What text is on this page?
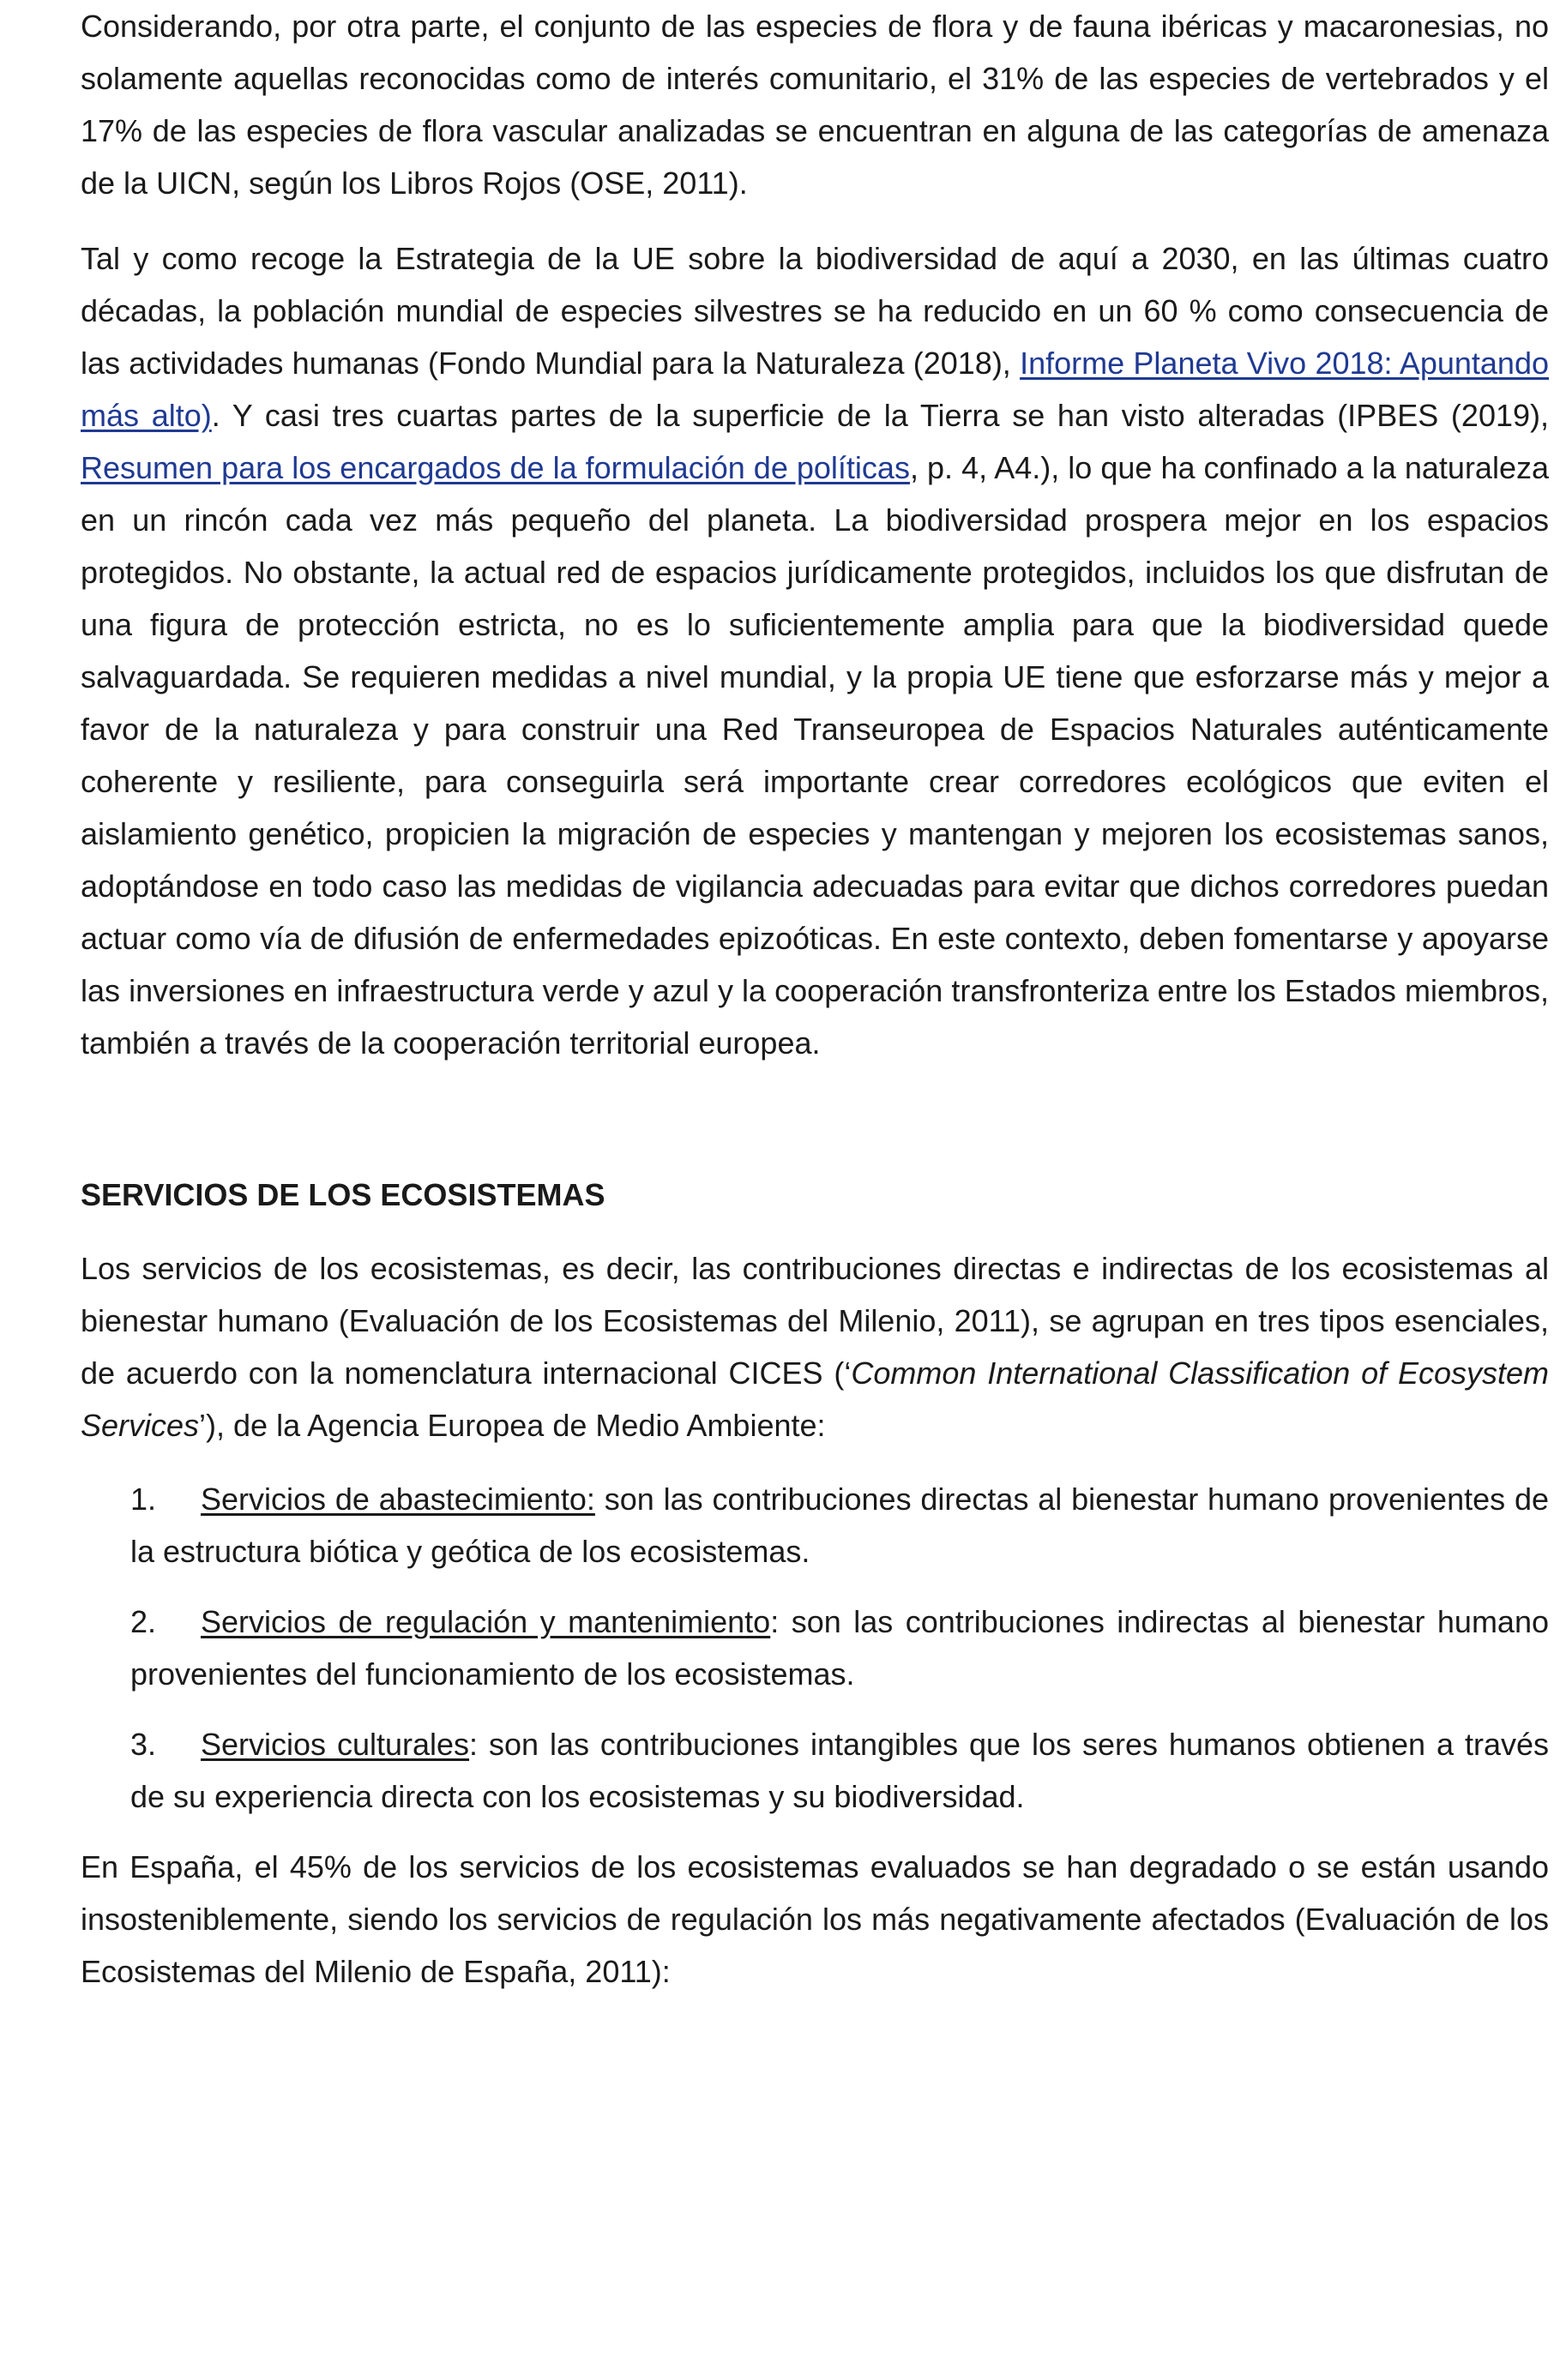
Considerando, por otra parte, el conjunto de las especies de flora y de fauna ibéricas y macaronesias, no solamente aquellas reconocidas como de interés comunitario, el 31% de las especies de vertebrados y el 17% de las especies de flora vascular analizadas se encuentran en alguna de las categorías de amenaza de la UICN, según los Libros Rojos (OSE, 2011).

Tal y como recoge la Estrategia de la UE sobre la biodiversidad de aquí a 2030, en las últimas cuatro décadas, la población mundial de especies silvestres se ha reducido en un 60 % como consecuencia de las actividades humanas (Fondo Mundial para la Naturaleza (2018), Informe Planeta Vivo 2018: Apuntando más alto). Y casi tres cuartas partes de la superficie de la Tierra se han visto alteradas (IPBES (2019), Resumen para los encargados de la formulación de políticas, p. 4, A4.), lo que ha confinado a la naturaleza en un rincón cada vez más pequeño del planeta. La biodiversidad prospera mejor en los espacios protegidos. No obstante, la actual red de espacios jurídicamente protegidos, incluidos los que disfrutan de una figura de protección estricta, no es lo suficientemente amplia para que la biodiversidad quede salvaguardada. Se requieren medidas a nivel mundial, y la propia UE tiene que esforzarse más y mejor a favor de la naturaleza y para construir una Red Transeuropea de Espacios Naturales auténticamente coherente y resiliente, para conseguirla será importante crear corredores ecológicos que eviten el aislamiento genético, propicien la migración de especies y mantengan y mejoren los ecosistemas sanos, adoptándose en todo caso las medidas de vigilancia adecuadas para evitar que dichos corredores puedan actuar como vía de difusión de enfermedades epizoóticas. En este contexto, deben fomentarse y apoyarse las inversiones en infraestructura verde y azul y la cooperación transfronteriza entre los Estados miembros, también a través de la cooperación territorial europea.

SERVICIOS DE LOS ECOSISTEMAS

Los servicios de los ecosistemas, es decir, las contribuciones directas e indirectas de los ecosistemas al bienestar humano (Evaluación de los Ecosistemas del Milenio, 2011), se agrupan en tres tipos esenciales, de acuerdo con la nomenclatura internacional CICES (‘Common International Classification of Ecosystem Services’), de la Agencia Europea de Medio Ambiente:

1. Servicios de abastecimiento: son las contribuciones directas al bienestar humano provenientes de la estructura biótica y geótica de los ecosistemas.
2. Servicios de regulación y mantenimiento: son las contribuciones indirectas al bienestar humano provenientes del funcionamiento de los ecosistemas.
3. Servicios culturales: son las contribuciones intangibles que los seres humanos obtienen a través de su experiencia directa con los ecosistemas y su biodiversidad.

En España, el 45% de los servicios de los ecosistemas evaluados se han degradado o se están usando insosteniblemente, siendo los servicios de regulación los más negativamente afectados (Evaluación de los Ecosistemas del Milenio de España, 2011):
